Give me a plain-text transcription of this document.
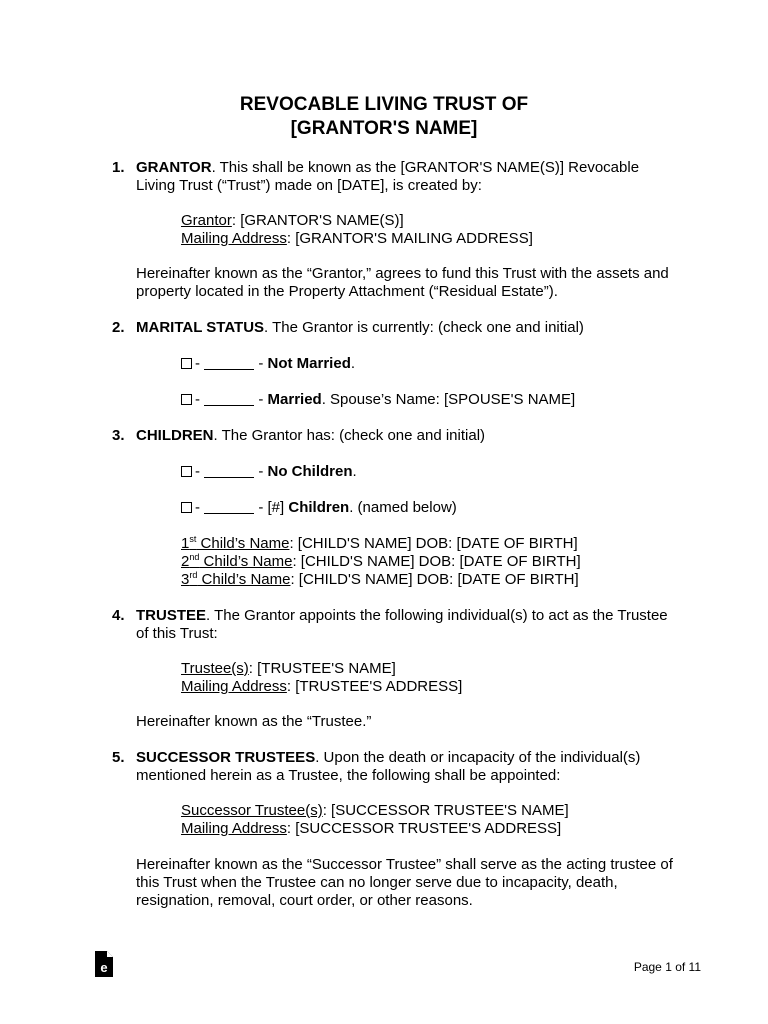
REVOCABLE LIVING TRUST OF
[GRANTOR'S NAME]
1. GRANTOR. This shall be known as the [GRANTOR'S NAME(S)] Revocable
Living Trust (“Trust”) made on [DATE], is created by:
Grantor: [GRANTOR'S NAME(S)]
Mailing Address: [GRANTOR'S MAILING ADDRESS]
Hereinafter known as the “Grantor,” agrees to fund this Trust with the assets and
property located in the Property Attachment (“Residual Estate”).
2. MARITAL STATUS. The Grantor is currently: (check one and initial)
-	- Not Married.
-	- Married. Spouse’s Name: [SPOUSE'S NAME]
3. CHILDREN. The Grantor has: (check one and initial)
-	- No Children.
-	- [#] Children. (named below)
1st Child’s Name: [CHILD'S NAME] DOB: [DATE OF BIRTH]
2nd Child’s Name: [CHILD'S NAME] DOB: [DATE OF BIRTH]
3rd Child’s Name: [CHILD'S NAME] DOB: [DATE OF BIRTH]
4. TRUSTEE. The Grantor appoints the following individual(s) to act as the Trustee
of this Trust:
Trustee(s): [TRUSTEE'S NAME]
Mailing Address: [TRUSTEE'S ADDRESS]
Hereinafter known as the “Trustee.”
5. SUCCESSOR TRUSTEES. Upon the death or incapacity of the individual(s)
mentioned herein as a Trustee, the following shall be appointed:
Successor Trustee(s): [SUCCESSOR TRUSTEE'S NAME]
Mailing Address: [SUCCESSOR TRUSTEE'S ADDRESS]
Hereinafter known as the “Successor Trustee” shall serve as the acting trustee of
this Trust when the Trustee can no longer serve due to incapacity, death,
resignation, removal, court order, or other reasons.
e	Page 1 of 11
